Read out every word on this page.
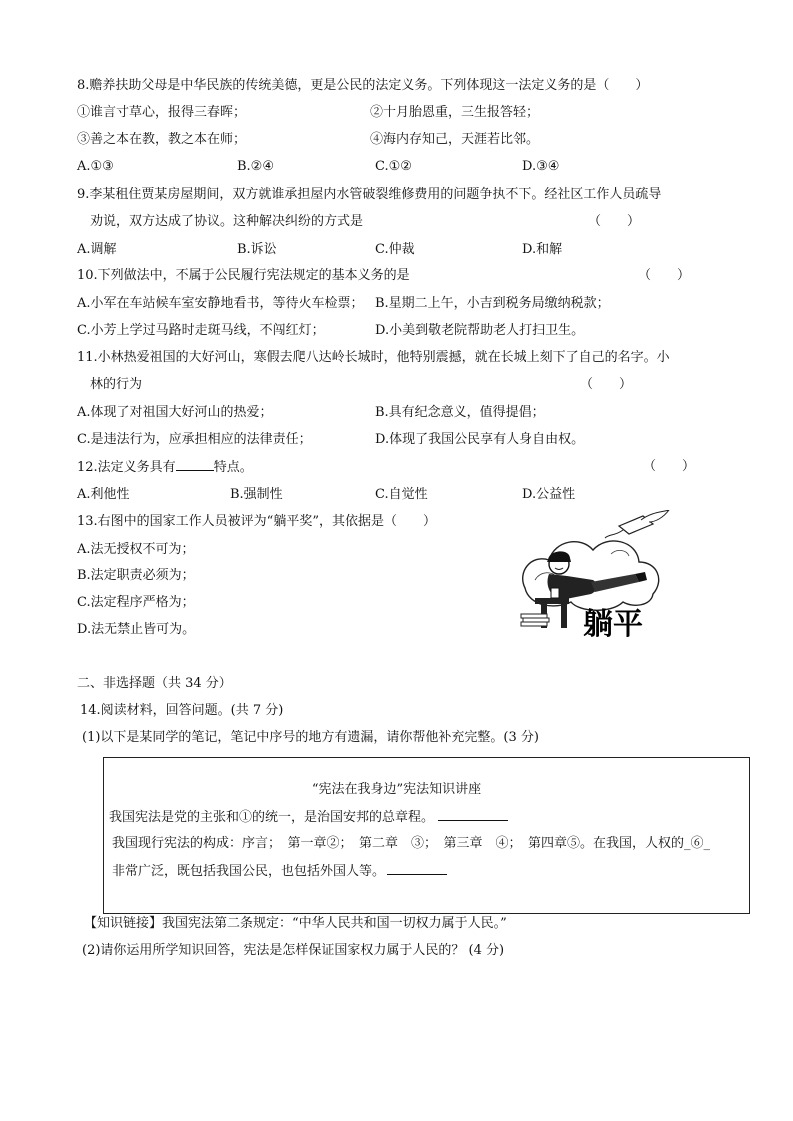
8.赡养扶助父母是中华民族的传统美德，更是公民的法定义务。下列体现这一法定义务的是（　　）
①谁言寸草心，报得三春晖；	②十月胎恩重，三生报答轻；
③善之本在教，教之本在师；	④海内存知己，天涯若比邻。
A.①③	B.②④	C.①②	D.③④
9.李某租住贾某房屋期间，双方就谁承担屋内水管破裂维修费用的问题争执不下。经社区工作人员疏导
劝说，双方达成了协议。这种解决纠纷的方式是	（　　）
A.调解	B.诉讼	C.仲裁	D.和解
10.下列做法中，不属于公民履行宪法规定的基本义务的是	（　　）
A.小军在车站候车室安静地看书，等待火车检票； B.星期二上午，小吉到税务局缴纳税款；
C.小芳上学过马路时走斑马线，不闯红灯；	D.小美到敬老院帮助老人打扫卫生。
11.小林热爱祖国的大好河山，寒假去爬八达岭长城时，他特别震撼，就在长城上刻下了自己的名字。小
林的行为	（　　）
A.体现了对祖国大好河山的热爱；	B.具有纪念意义，值得提倡；
C.是违法行为，应承担相应的法律责任；	D.体现了我国公民享有人身自由权。
12.法定义务具有	特点。	（　　）
A.利他性	B.强制性	C.自觉性	D.公益性
13.右图中的国家工作人员被评为“躺平奖”，其依据是（　　）
A.法无授权不可为；
B.法定职责必须为；
C.法定程序严格为；
D.法无禁止皆可为。	躺平
二、非选择题（共 34 分）
14.阅读材料，回答问题。(共 7 分)
(1)以下是某同学的笔记，笔记中序号的地方有遗漏，请你帮他补充完整。(3 分)
“宪法在我身边”宪法知识讲座
我国宪法是党的主张和①的统一，是治国安邦的总章程。
我国现行宪法的构成：序言；　第一章②；　第二章　③；　第三章　④；　第四章⑤。在我国，人权的_⑥_
非常广泛，既包括我国公民，也包括外国人等。
【知识链接】我国宪法第二条规定：“中华人民共和国一切权力属于人民。”
(2)请你运用所学知识回答，宪法是怎样保证国家权力属于人民的？ (4 分)
